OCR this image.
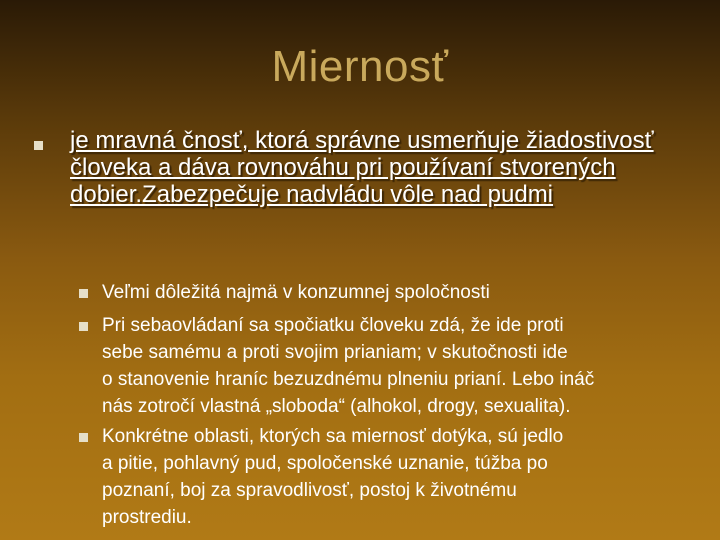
Miernosť
je mravná čnosť, ktorá správne usmerňuje žiadostivosť človeka a dáva rovnováhu pri používaní stvorených dobier.Zabezpečuje nadvládu vôle nad pudmi
Veľmi dôležitá najmä v konzumnej spoločnosti
Pri sebaovládaní sa spočiatku človeku zdá, že ide proti
sebe samému a proti svojim prianiam; v skutočnosti ide
o stanovenie hraníc bezuzdnému plneniu prianí. Lebo ináč
nás zotročí vlastná „sloboda“ (alhokol, drogy, sexualita).
Konkrétne oblasti, ktorých sa miernosť dotýka, sú jedlo
a pitie, pohlavný pud, spoločenské uznanie, túžba po
poznaní, boj za spravodlivosť, postoj k životnému
prostrediu.
